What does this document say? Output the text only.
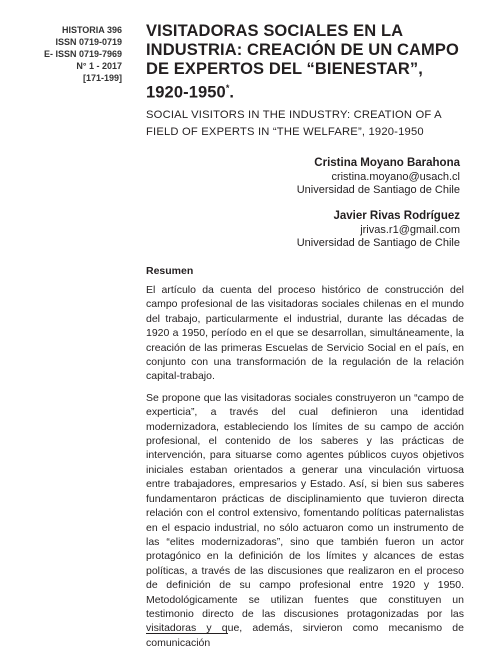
HISTORIA 396
ISSN 0719-0719
E- ISSN 0719-7969
N° 1 - 2017
[171-199]
VISITADORAS SOCIALES EN LA INDUSTRIA: CREACIÓN DE UN CAMPO DE EXPERTOS DEL “BIENESTAR”, 1920-1950*.
SOCIAL VISITORS IN THE INDUSTRY: CREATION OF A FIELD OF EXPERTS IN “THE WELFARE”, 1920-1950
Cristina Moyano Barahona
cristina.moyano@usach.cl
Universidad de Santiago de Chile
Javier Rivas Rodríguez
jrivas.r1@gmail.com
Universidad de Santiago de Chile
Resumen

El artículo da cuenta del proceso histórico de construcción del campo profesional de las visitadoras sociales chilenas en el mundo del trabajo, particularmente el industrial, durante las décadas de 1920 a 1950, período en el que se desarrollan, simultáneamente, la creación de las primeras Escuelas de Servicio Social en el país, en conjunto con una transformación de la regulación de la relación capital-trabajo.

Se propone que las visitadoras sociales construyeron un “campo de experticia”, a través del cual definieron una identidad modernizadora, estableciendo los límites de su campo de acción profesional, el contenido de los saberes y las prácticas de intervención, para situarse como agentes públicos cuyos objetivos iniciales estaban orientados a generar una vinculación virtuosa entre trabajadores, empresarios y Estado. Así, si bien sus saberes fundamentaron prácticas de disciplinamiento que tuvieron directa relación con el control extensivo, fomentando políticas paternalistas en el espacio industrial, no sólo actuaron como un instrumento de las “elites modernizadoras”, sino que también fueron un actor protagónico en la definición de los límites y alcances de estas políticas, a través de las discusiones que realizaron en el proceso de definición de su campo profesional entre 1920 y 1950. Metodológicamente se utilizan fuentes que constituyen un testimonio directo de las discusiones protagonizadas por las visitadoras y que, además, sirvieron como mecanismo de comunicación
